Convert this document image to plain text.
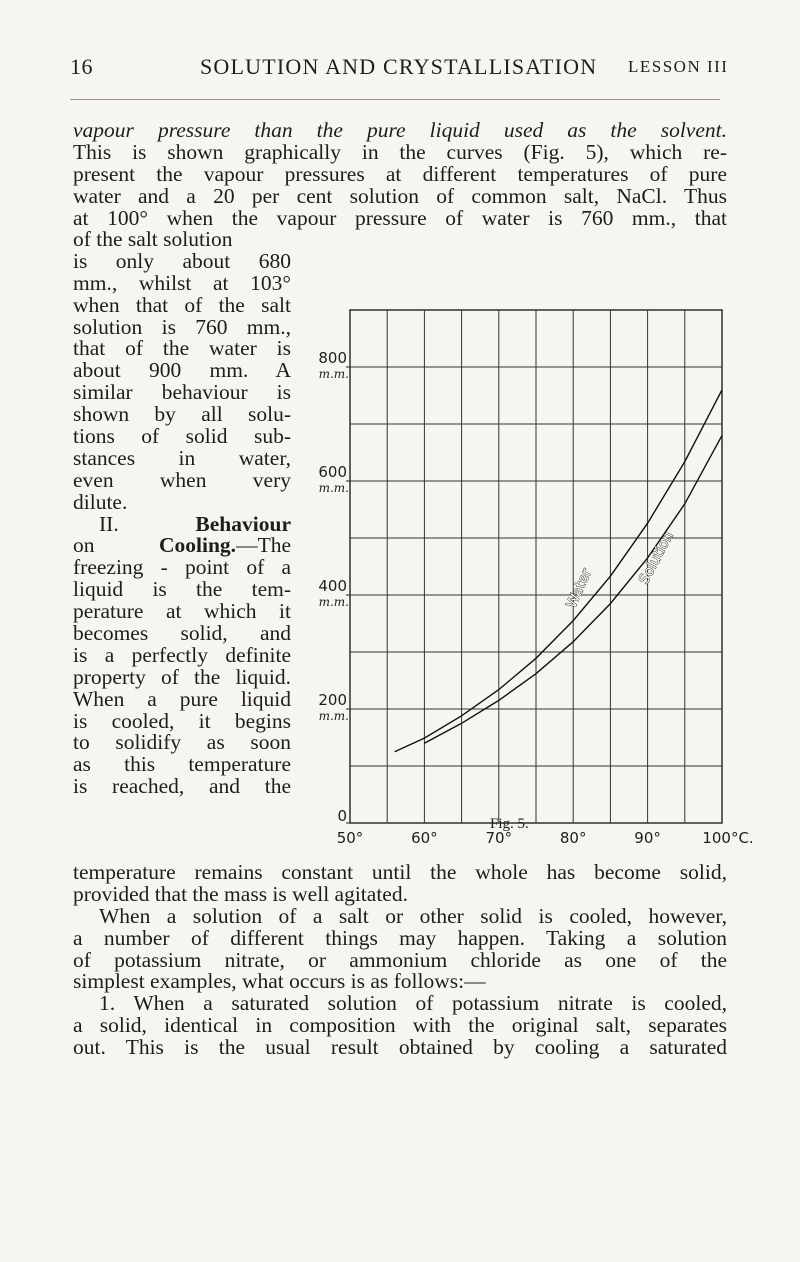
16	SOLUTION AND CRYSTALLISATION LESSON III
vapour pressure than the pure liquid used as the solvent.
This is shown graphically in the curves (Fig. 5), which re-
present the vapour pressures at different temperatures of pure
water and a 20 per cent solution of common salt, NaCl. Thus
at 100° when the vapour pressure of water is 760 mm., that
of the salt solution
is only about 680
mm., whilst at 103°
when that of the salt
solution is 760 mm.,
that of the water is
about 900 mm. A
similar behaviour is
shown by all solu-
tions of solid sub-
stances in water,
even when very
dilute.
II.	Behaviour
on	Cooling.—The
freezing - point of a
liquid is the tem-
perature at which it
becomes solid, and
is a perfectly definite
property of the liquid.
When a pure liquid
is cooled, it begins
to solidify as soon
as this temperature
is reached, and the
0
200
m.m.
400
m.m.
600
m.m.
800
m.m.
50°	60°	70°	80°	90°	100°C.
Water
Solution
Fig. 5.
temperature remains constant until the whole has become solid,
provided that the mass is well agitated.
When a solution of a salt or other solid is cooled, however,
a number of different things may happen. Taking a solution
of potassium nitrate, or ammonium chloride as one of the
simplest examples, what occurs is as follows:—
1. When a saturated solution of potassium nitrate is cooled,
a solid, identical in composition with the original salt, separates
out. This is the usual result obtained by cooling a saturated
